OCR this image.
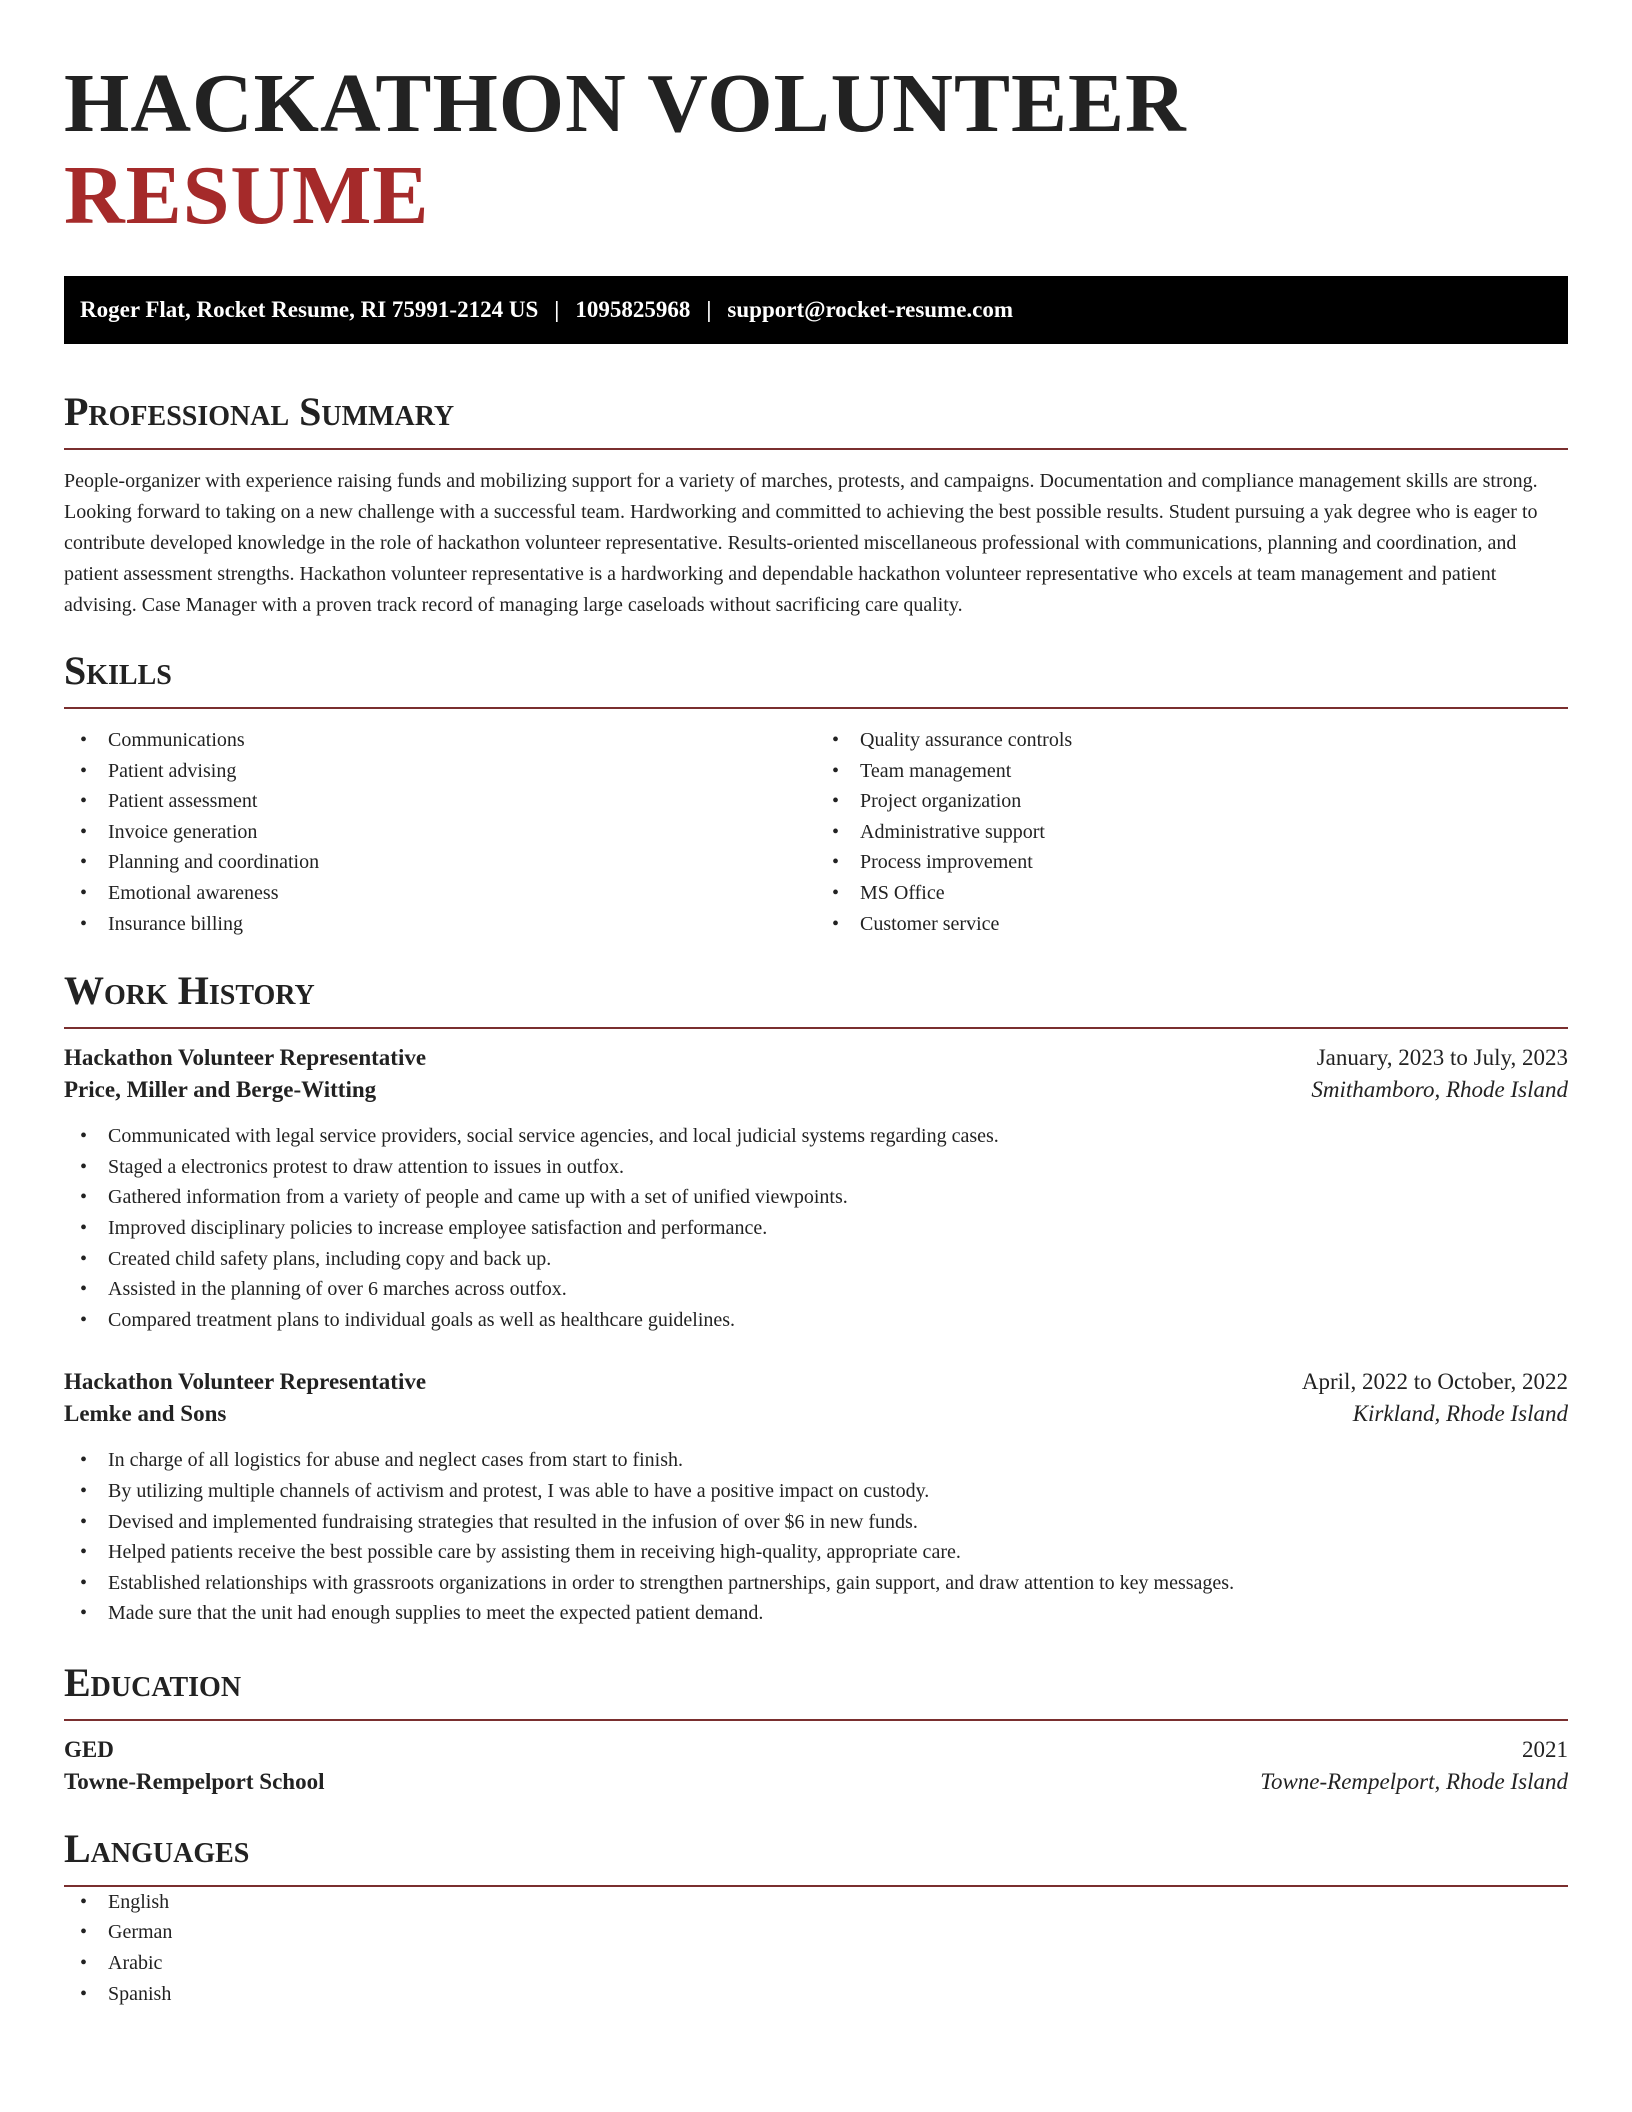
HACKATHON VOLUNTEER RESUME
Roger Flat, Rocket Resume, RI 75991-2124 US | 1095825968 | support@rocket-resume.com
Professional Summary

People-organizer with experience raising funds and mobilizing support for a variety of marches, protests, and campaigns. Documentation and compliance management skills are strong. Looking forward to taking on a new challenge with a successful team. Hardworking and committed to achieving the best possible results. Student pursuing a yak degree who is eager to contribute developed knowledge in the role of hackathon volunteer representative. Results-oriented miscellaneous professional with communications, planning and coordination, and patient assessment strengths. Hackathon volunteer representative is a hardworking and dependable hackathon volunteer representative who excels at team management and patient advising. Case Manager with a proven track record of managing large caseloads without sacrificing care quality.

Skills
• Communications
• Patient advising
• Patient assessment
• Invoice generation
• Planning and coordination
• Emotional awareness
• Insurance billing
• Quality assurance controls
• Team management
• Project organization
• Administrative support
• Process improvement
• MS Office
• Customer service
Work History
Hackathon Volunteer Representative	January, 2023 to July, 2023
Price, Miller and Berge-Witting	Smithamboro, Rhode Island
• Communicated with legal service providers, social service agencies, and local judicial systems regarding cases.
• Staged a electronics protest to draw attention to issues in outfox.
• Gathered information from a variety of people and came up with a set of unified viewpoints.
• Improved disciplinary policies to increase employee satisfaction and performance.
• Created child safety plans, including copy and back up.
• Assisted in the planning of over 6 marches across outfox.
• Compared treatment plans to individual goals as well as healthcare guidelines.
Hackathon Volunteer Representative	April, 2022 to October, 2022
Lemke and Sons	Kirkland, Rhode Island
• In charge of all logistics for abuse and neglect cases from start to finish.
• By utilizing multiple channels of activism and protest, I was able to have a positive impact on custody.
• Devised and implemented fundraising strategies that resulted in the infusion of over $6 in new funds.
• Helped patients receive the best possible care by assisting them in receiving high-quality, appropriate care.
• Established relationships with grassroots organizations in order to strengthen partnerships, gain support, and draw attention to key messages.
• Made sure that the unit had enough supplies to meet the expected patient demand.
Education
GED	2021
Towne-Rempelport School	Towne-Rempelport, Rhode Island
Languages
• English
• German
• Arabic
• Spanish
